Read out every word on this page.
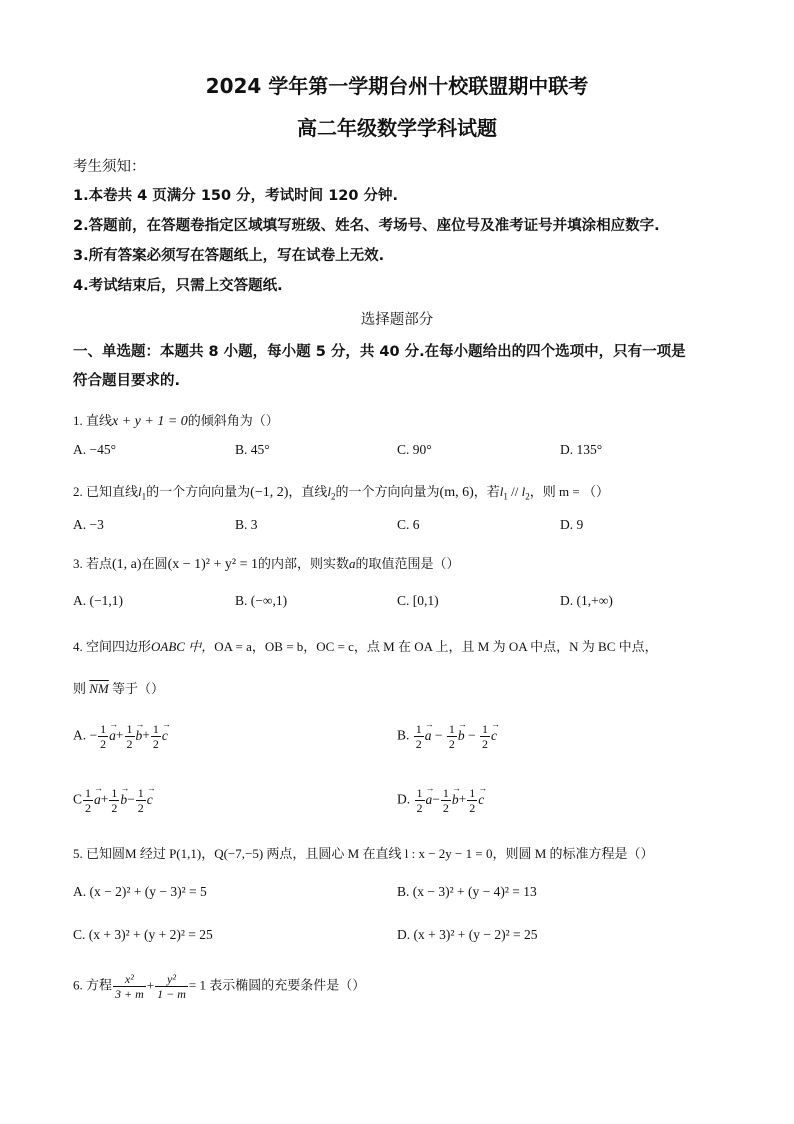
2024 学年第一学期台州十校联盟期中联考
高二年级数学学科试题
考生须知：
1.本卷共 4 页满分 150 分，考试时间 120 分钟.
2.答题前，在答题卷指定区域填写班级、姓名、考场号、座位号及准考证号并填涂相应数字.
3.所有答案必须写在答题纸上，写在试卷上无效.
4.考试结束后，只需上交答题纸.
选择题部分
一、单选题：本题共 8 小题，每小题 5 分，共 40 分.在每小题给出的四个选项中，只有一项是
符合题目要求的.
1. 直线x + y + 1 = 0的倾斜角为（）
A. −45°	B. 45°	C. 90°	D. 135°
2. 已知直线$l_1$的一个方向向量为(−1, 2)，直线$l_2$的一个方向向量为(m, 6)，若$l_1 // l_2$，则 m = （）
A. −3	B. 3	C. 6	D. 9
3. 若点(1, a)在圆(x − 1)² + y² = 1的内部，则实数a的取值范围是（）
A. (−1,1)	B. (−∞,1)	C. [0,1)	D. (1,+∞)
4. 空间四边形OABC 中，OA = a，OB = b，OC = c，点 M 在 OA 上，且 M 为 OA 中点，N 为 BC 中点，
则 $\overline{NM}$ 等于（）
A. − $\frac{1}{2} \to a+ \frac{1}{2} \to b+ \frac{1}{2} \to c$	B. $\frac{1}{2} \to a - \frac{1}{2} \to b - \frac{1}{2} \to c$
C $\frac{1}{2} \to a+ \frac{1}{2} \to b- \frac{1}{2} \to c$	D. $\frac{1}{2} \to a- \frac{1}{2} \to b+ \frac{1}{2} \to c$
5. 已知圆M 经过 P(1,1)，Q(−7,−5) 两点，且圆心 M 在直线 l : x − 2y − 1 = 0，则圆 M 的标准方程是（）
A. (x − 2)² + (y − 3)² = 5	B. (x − 3)² + (y − 4)² = 13
C. (x + 3)² + (y + 2)² = 25	D. (x + 3)² + (y − 2)² = 25
6. 方程 $\frac{\text{x²}}{3 + m} + \frac{\text{y²}}{1 - m} = 1$ 表示椭圆的充要条件是（）
